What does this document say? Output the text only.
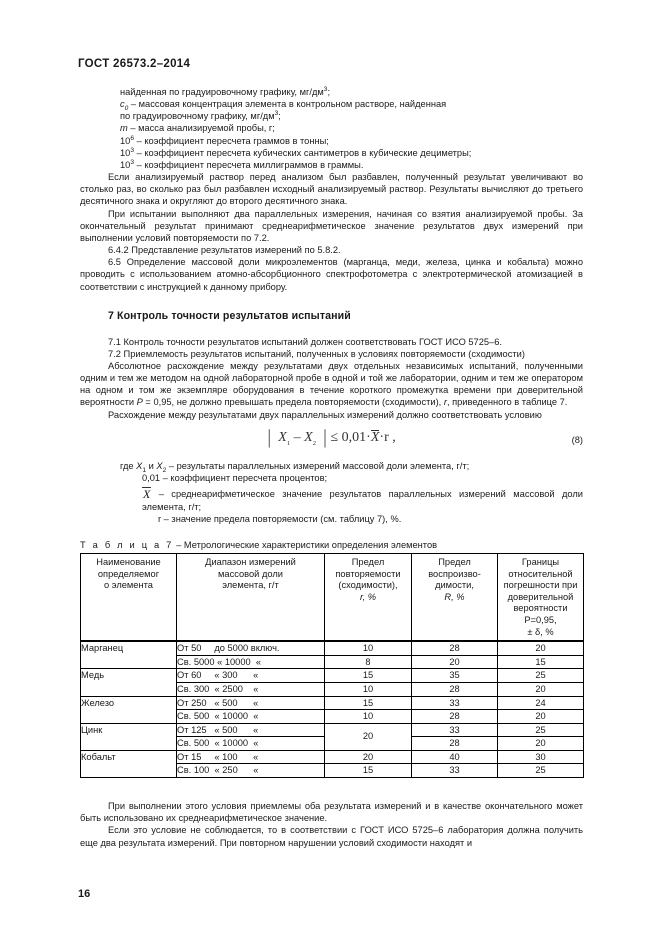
ГОСТ 26573.2–2014

найденная по градуировочному графику, $мг/дм^3$;

$c_0$ – массовая концентрация элемента в контрольном растворе, найденная

по градуировочному графику, $мг/дм^3$;

m – масса анализируемой пробы, г;

$10^6$ – коэффициент пересчета граммов в тонны;

$10^3$ – коэффициент пересчета кубических сантиметров в кубические дециметры;

$10^3$ – коэффициент пересчета миллиграммов в граммы.

Если анализируемый раствор перед анализом был разбавлен, полученный результат увеличивают во столько раз, во сколько раз был разбавлен исходный анализируемый раствор. Результаты вычисляют до третьего десятичного знака и округляют до второго десятичного знака.

При испытании выполняют два параллельных измерения, начиная со взятия анализируемой пробы. За окончательный результат принимают среднеарифметическое значение результатов двух измерений при выполнении условий повторяемости по 7.2.

6.4.2 Представление результатов измерений по 5.8.2.

6.5 Определение массовой доли микроэлементов (марганца, меди, железа, цинка и кобальта) можно проводить с использованием атомно-абсорбционного спектрофотометра с электротермической атомизацией в соответствии с инструкцией к данному прибору.

7 Контроль точности результатов испытаний

7.1 Контроль точности результатов испытаний должен соответствовать ГОСТ ИСО 5725–6.

7.2 Приемлемость результатов испытаний, полученных в условиях повторяемости (сходимости)

Абсолютное расхождение между результатами двух отдельных независимых испытаний, полученными одним и тем же методом на одной лабораторной пробе в одной и той же лаборатории, одним и тем же оператором на одном и том же экземпляре оборудования в течение короткого промежутка времени при доверительной вероятности P = 0,95, не должно превышать предела повторяемости (сходимости), r, приведенного в таблице 7.

Расхождение между результатами двух параллельных измерений должно соответствовать условию

| $X_1 - X_2$ | ≤ 0,01·X·r ,	(8)

где $X_1$ и $X_2$ – результаты параллельных измерений массовой доли элемента, г/т;

0,01 – коэффициент пересчета процентов;

X – среднеарифметическое значение результатов параллельных измерений массовой доли элемента, г/т;

r – значение предела повторяемости (см. таблицу 7), %.

Т а б л и ц а 7 – Метрологические характеристики определения элементов
Наименование
определяемог
о элемента

Диапазон измерений
массовой доли
элемента, г/т

Предел
повторяемости
(сходимости),
r, %

Предел
воспроизво-
димости,
R, %

Границы
относительной
погрешности при
доверительной
вероятности P=0,95,
± δ, %

Марганец	От 50     до 5000 включ.	10	28	20
	Св. 5000 « 10000  «	8	20	15
Медь	От 60     « 300      «	15	35	25
	Св. 300  « 2500    «	10	28	20
Железо	От 250   « 500      «	15	33	24
	Св. 500  « 10000  «	10	28	20
Цинк	От 125   « 500      «	20	33	25
	Св. 500  « 10000  «		28	20
Кобальт	От 15     « 100      «	20	40	30
	Св. 100  « 250      «	15	33	25

При выполнении этого условия приемлемы оба результата измерений и в качестве окончательного может быть использовано их среднеарифметическое значение.

Если это условие не соблюдается, то в соответствии с ГОСТ ИСО 5725–6 лаборатория должна получить еще два результата измерений. При повторном нарушении условий сходимости находят и

16
